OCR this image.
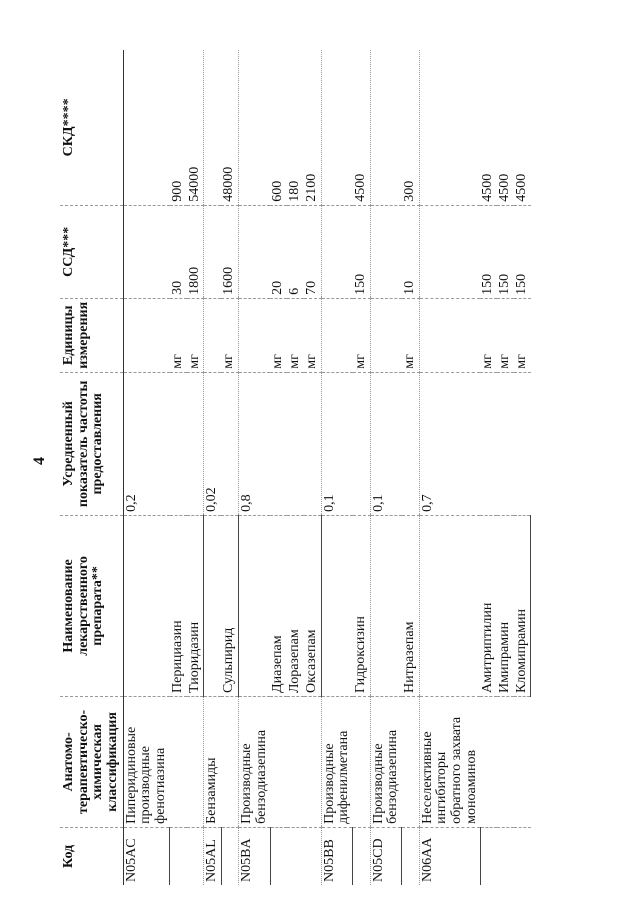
4
Код	Анатомо-терапевтическо-химическая классификация	Наименование лекарственного препарата**	Усредненный показатель частоты предоставления	Единицы измерения	ССД***	СКД****
N05AC	Пиперидиновые производные фенотиазина		0,2			
		Перициазин		мг	30	900
		Тиоридазин		мг	1800	54000
N05AL	Бензамиды		0,02			
		Сульпирид		мг	1600	48000
N05BA	Производные бензодиазепина		0,8			
		Диазепам		мг	20	600
		Лоразепам		мг	6	180
		Оксазепам		мг	70	2100
N05BB	Производные дифенилметана		0,1			
		Гидроксизин		мг	150	4500
N05CD	Производные бензодиазепина		0,1			
		Нитразепам		мг	10	300
N06AA	Неселективные ингибиторы обратного захвата моноаминов		0,7			
		Амитриптилин		мг	150	4500
		Имипрамин		мг	150	4500
		Кломипрамин		мг	150	4500
